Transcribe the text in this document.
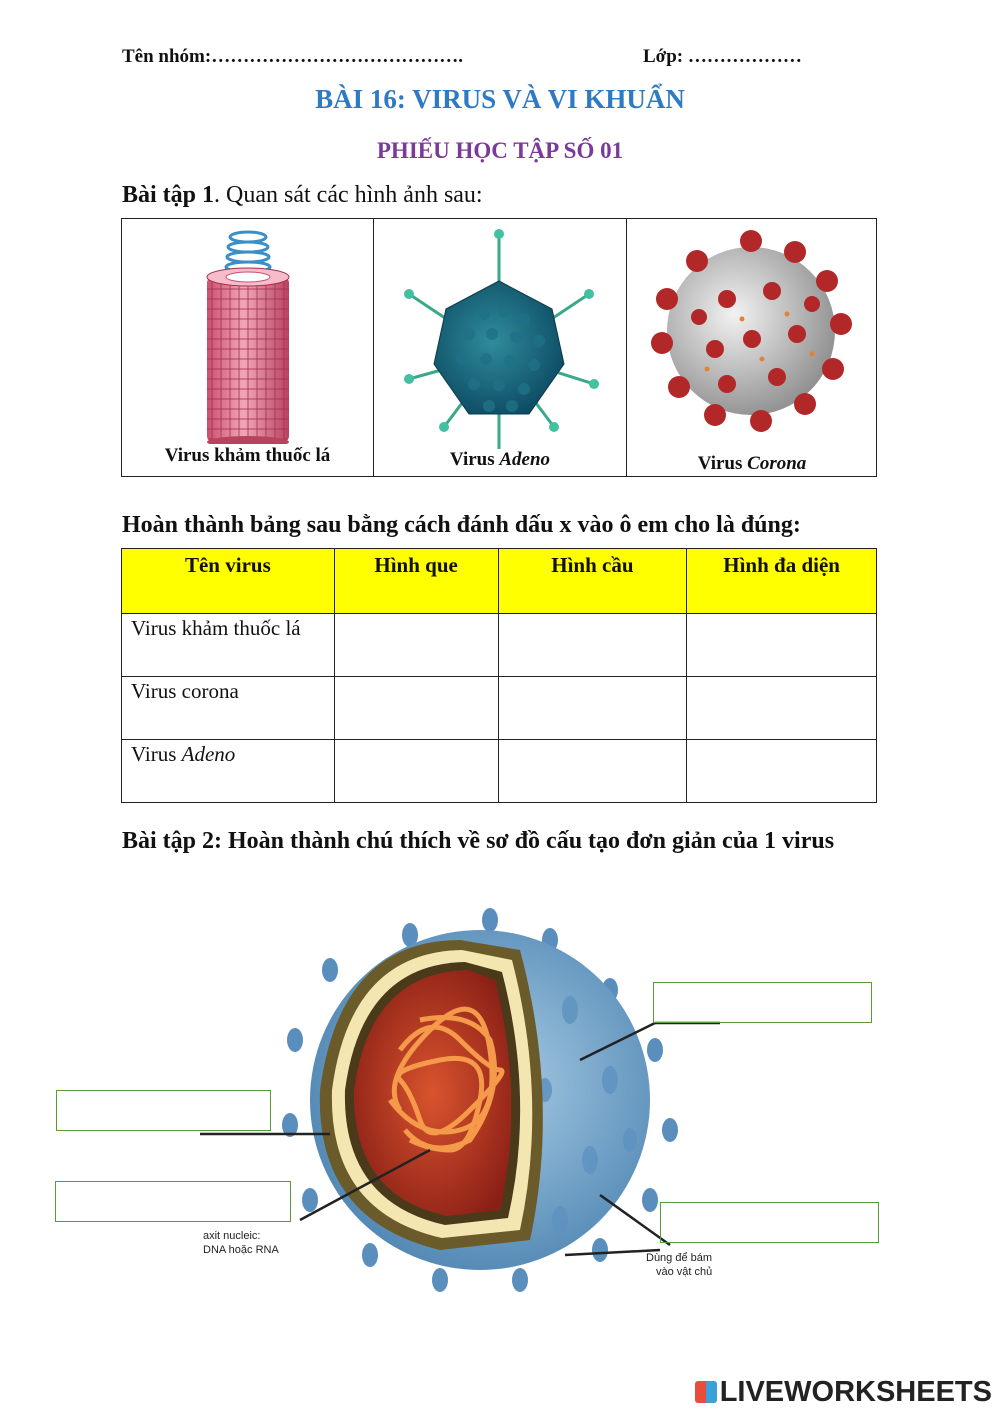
Tên nhóm:………………………………….	Lớp: ………………
BÀI 16: VIRUS VÀ VI KHUẨN
PHIẾU HỌC TẬP SỐ 01
Bài tập 1. Quan sát các hình ảnh sau:
Virus khảm thuốc lá	Virus Adeno	Virus Corona
Hoàn thành bảng sau bằng cách đánh dấu x vào ô em cho là đúng:
Tên virus	Hình que	Hình cầu	Hình đa diện
Virus khảm thuốc lá			
Virus corona			
Virus Adeno			
Bài tập 2: Hoàn thành chú thích về sơ đồ cấu tạo đơn giản của 1 virus
axit nucleic:
DNA hoặc RNA
Dùng để bám
vào vật chủ
LIVEWORKSHEETS
